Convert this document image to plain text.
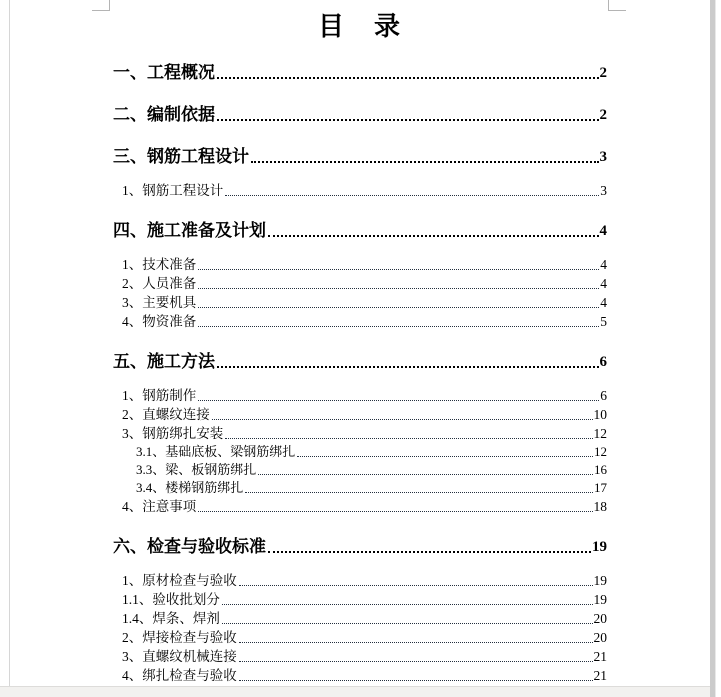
目　录
一、工程概况	2
二、编制依据	2
三、钢筋工程设计	3
1、钢筋工程设计	3
四、施工准备及计划	4
1、技术准备	4
2、人员准备	4
3、主要机具	4
4、物资准备	5
五、施工方法	6
1、钢筋制作	6
2、直螺纹连接	10
3、钢筋绑扎安装	12
3.1、基础底板、梁钢筋绑扎	12
3.3、梁、板钢筋绑扎	16
3.4、楼梯钢筋绑扎	17
4、注意事项	18
六、检查与验收标准	19
1、原材检查与验收	19
1.1、验收批划分	19
1.4、焊条、焊剂	20
2、焊接检查与验收	20
3、直螺纹机械连接	21
4、绑扎检查与验收	21
